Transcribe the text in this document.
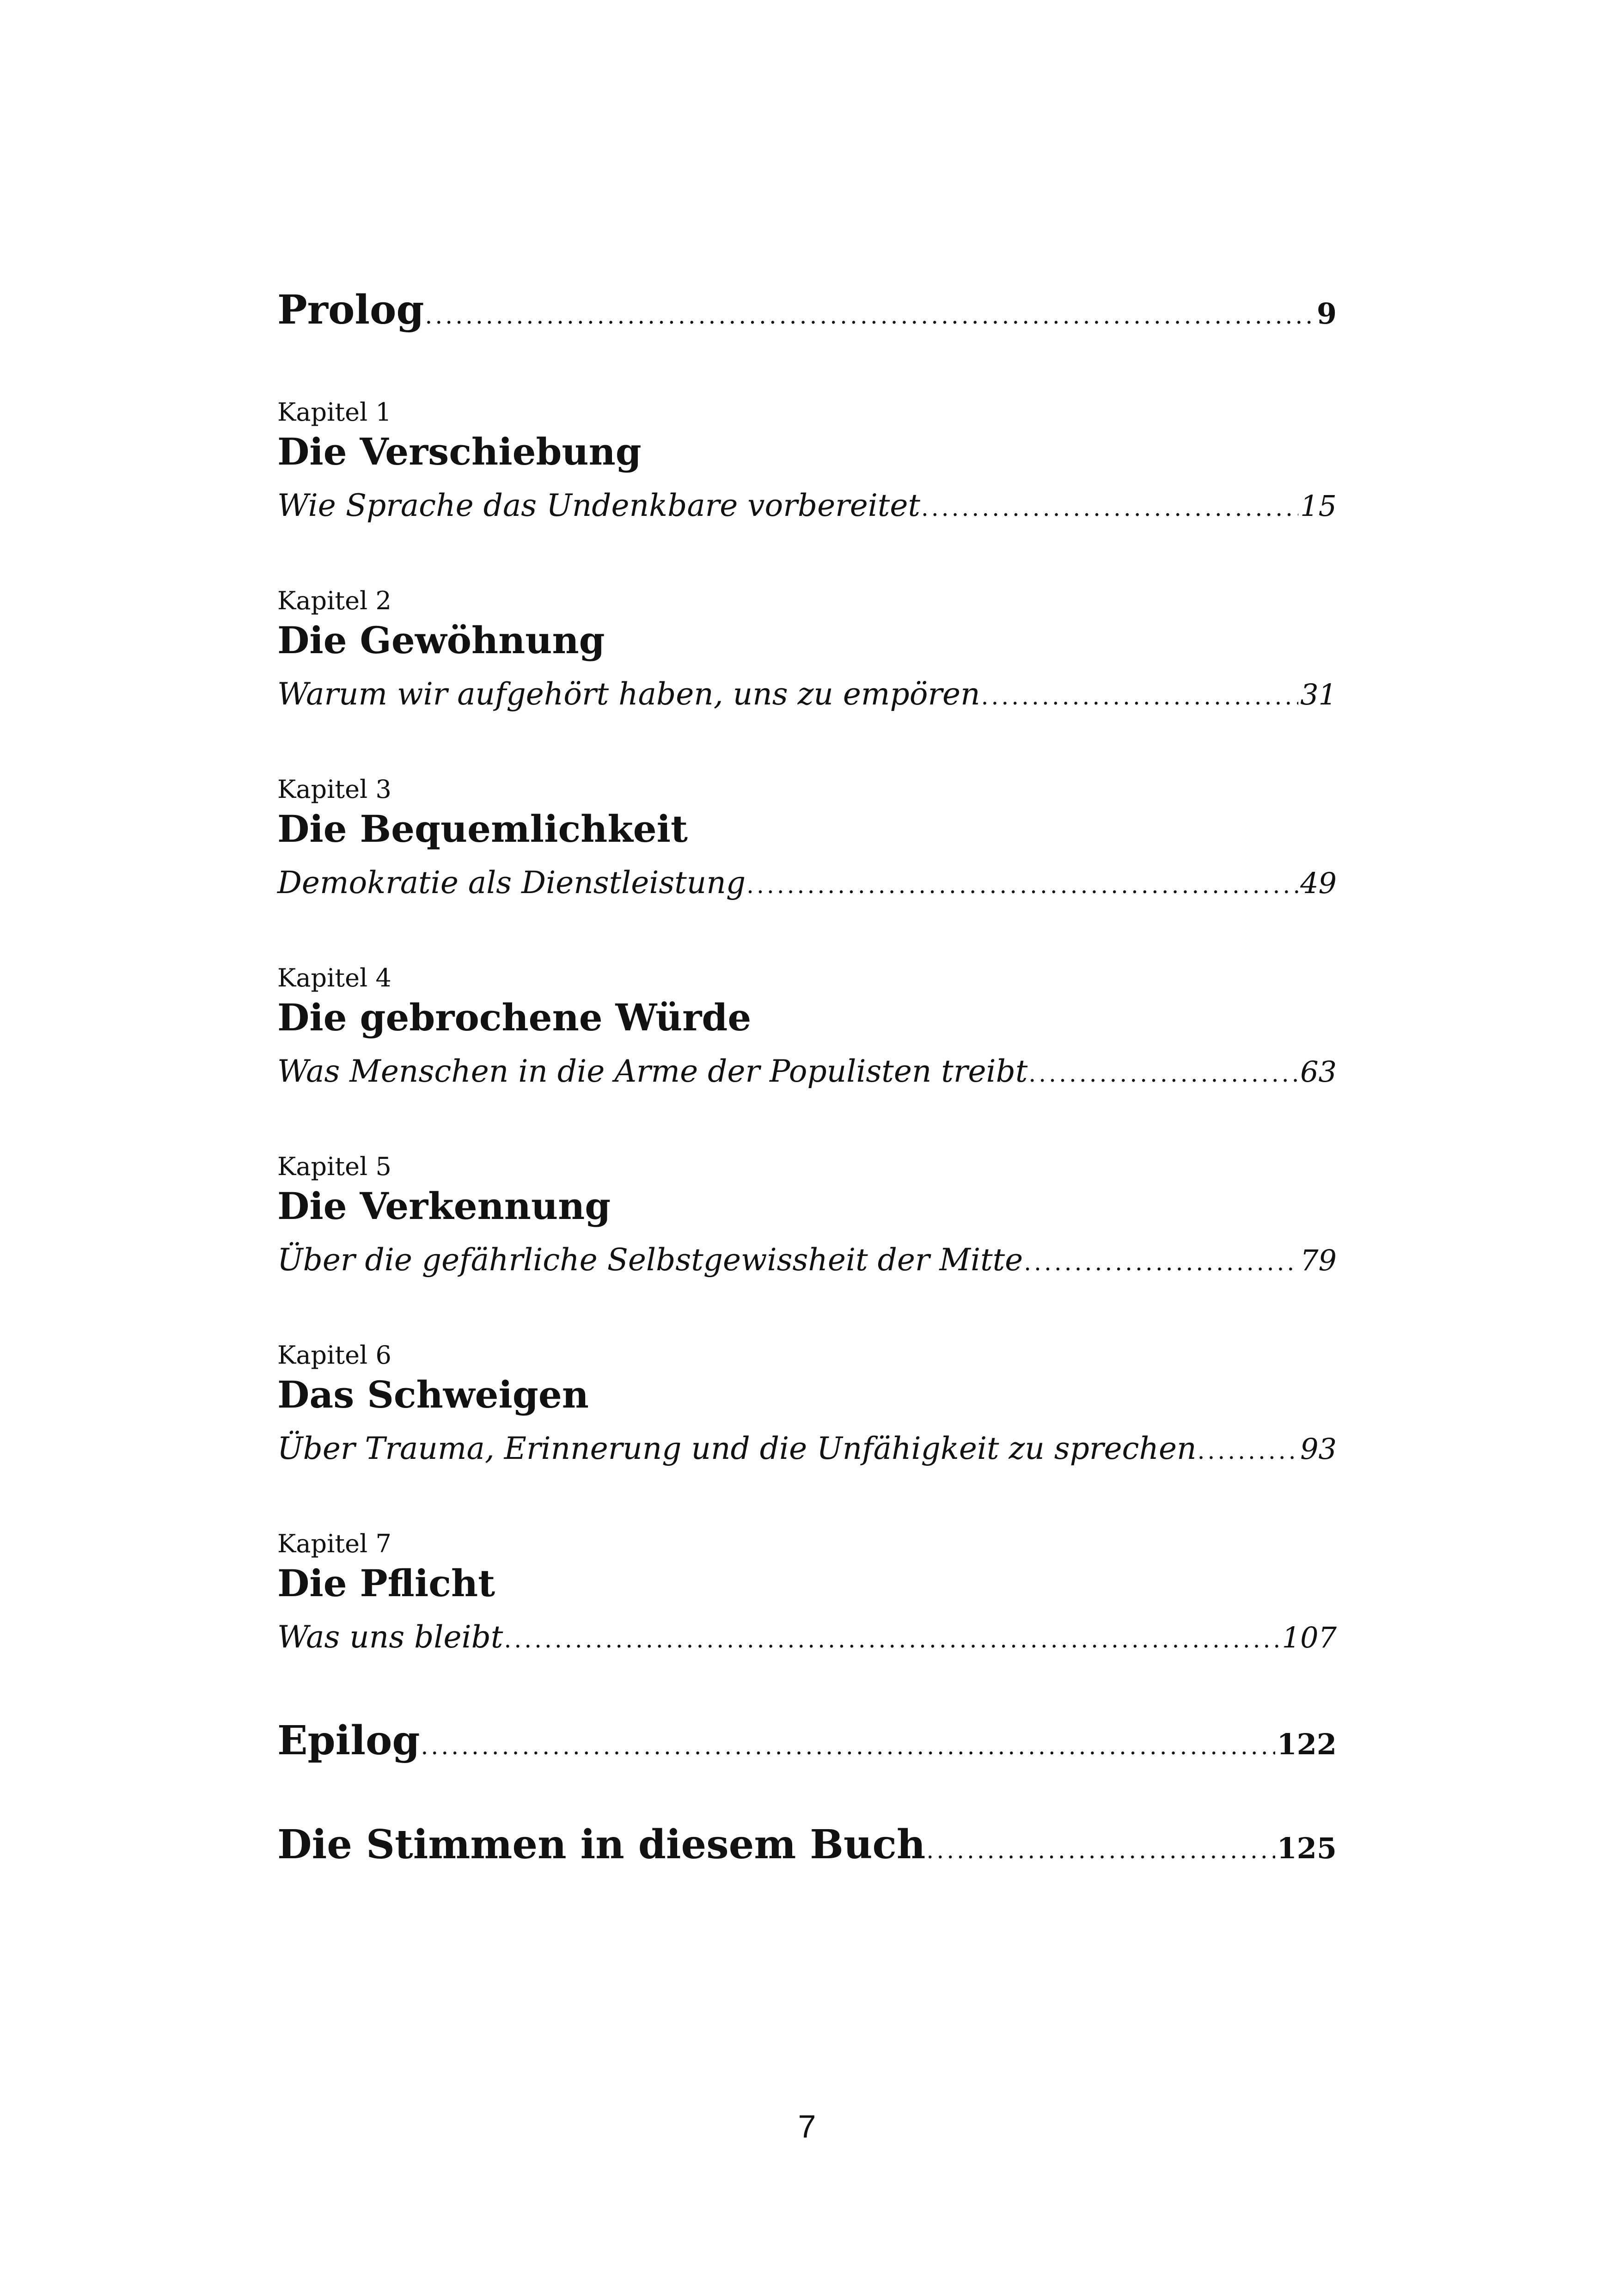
Prolog .....	9
Kapitel 1
Die Verschiebung
Wie Sprache das Undenkbare vorbereitet .....	15
Kapitel 2
Die Gewöhnung
Warum wir aufgehört haben, uns zu empören .....	31
Kapitel 3
Die Bequemlichkeit
Demokratie als Dienstleistung .....	49
Kapitel 4
Die gebrochene Würde
Was Menschen in die Arme der Populisten treibt .....	63
Kapitel 5
Die Verkennung
Über die gefährliche Selbstgewissheit der Mitte .....	79
Kapitel 6
Das Schweigen
Über Trauma, Erinnerung und die Unfähigkeit zu sprechen .....	93
Kapitel 7
Die Pflicht
Was uns bleibt .....	107
Epilog .....	122
Die Stimmen in diesem Buch .....	125
7
